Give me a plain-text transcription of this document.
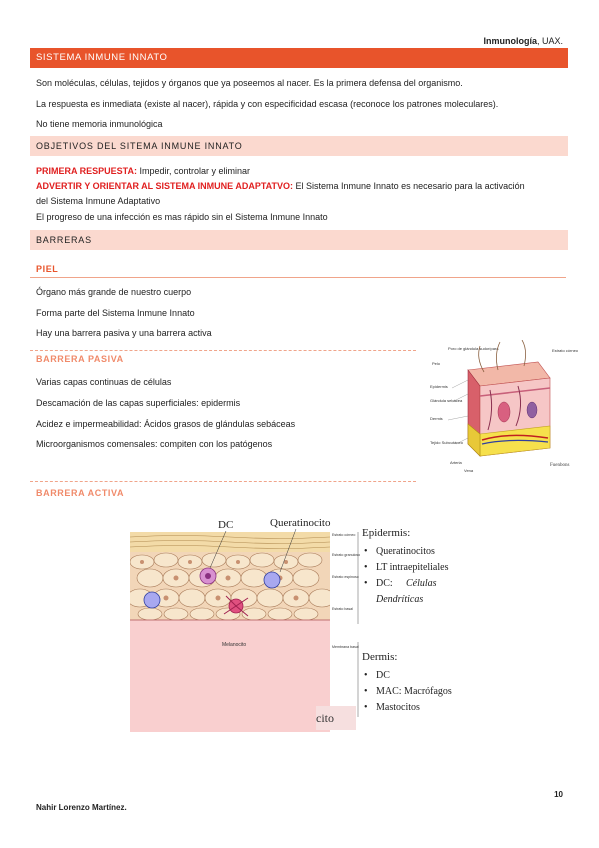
Inmunología, UAX.
SISTEMA INMUNE INNATO
Son moléculas, células, tejidos y órganos que ya poseemos al nacer. Es la primera defensa del organismo.
La respuesta es inmediata (existe al nacer), rápida y con especificidad escasa (reconoce los patrones moleculares).
No tiene memoria inmunológica
OBJETIVOS DEL SITEMA INMUNE INNATO
PRIMERA RESPUESTA: Impedir, controlar y eliminar
ADVERTIR Y ORIENTAR AL SISTEMA INMUNE ADAPTATVO: El Sistema Inmune Innato es necesario para la activación
del Sistema Inmune Adaptativo
El progreso de una infección es mas rápido sin el Sistema Inmune Innato
BARRERAS
PIEL
Órgano más grande de nuestro cuerpo
Forma parte del Sistema Inmune Innato
Hay una barrera pasiva y una barrera activa
BARRERA PASIVA
Varias capas continuas de células
Descamación de las capas superficiales: epidermis
Acidez e impermeabilidad: Ácidos grasos de glándulas sebáceas
Microorganismos comensales: compiten con los patógenos
BARRERA ACTIVA
Poro de glándula sudorípara
Pelo
Estrato córneo
Epidermis
Glándula sebácea
Dermis
Tejido Subcutáneo
Arteria
Vena
Fuenbons
DC	Queratinocito
Melanocito
Estrato córneo
Estrato granuloso
Estrato espinoso
Estrato basal
Membrana basal
cito
Epidermis:
• Queratinocitos
• LT intraepiteliales
• DC: Células
Dendríticas
Dermis:
• DC
• MAC: Macrófagos
• Mastocitos
10
Nahir Lorenzo Martínez.
